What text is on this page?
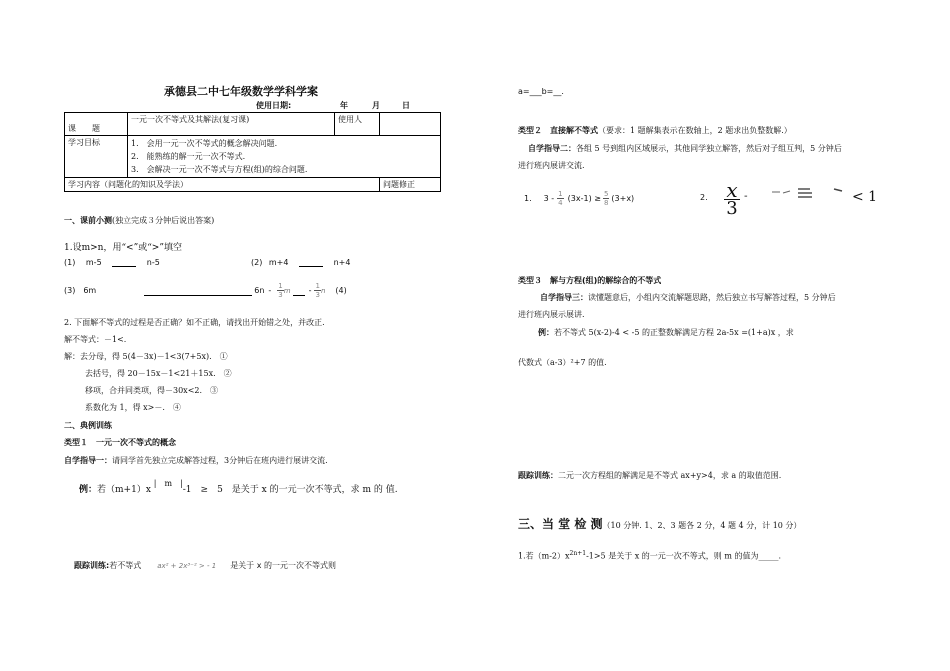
承德县二中七年级数学学科学案
使用日期:	年	月	日
课　　题	一元一次不等式及其解法(复习课)	使用人	
学习目标	1.　会用一元一次不等式的概念解决问题.
2.　能熟练的解一元一次不等式.
3.　会解决一元一次不等式与方程(组)的综合问题.		

学习内容（问题化的知识及学法）			问题修正
一、课前小测(独立完成３分钟后说出答案)
1.设m>n，用“<”或“>”填空
(1) m-5	n-5	(2) m+4	n+4
(3) 6m	$6n - \frac{1}{3}$ m - $\frac{1}{3}$ n (4)
2. 下面解不等式的过程是否正确？如不正确，请找出开始错之处，并改正.
解不等式：－1<.
解：去分母，得 5(4－3x)－1<3(7+5x).　①
去括号，得 20－15x－1<21＋15x.　②
移项，合并同类项，得－30x<2.　③
系数化为 1，得 x>－.　④
二、典例训练
类型１　一元一次不等式的概念
自学指导一：请同学首先独立完成解答过程，3分钟后在班内进行展讲交流.
例：若（m+1）x |　m　|-1　≥　5　是关于 x 的一元一次不等式，求 m 的 值.
跟踪训练: 若不等式 ax² + 2x³⁻² > - 1 是关于 x 的一元一次不等式则
a=___b=__.
类型２　直接解不等式（要求：1 题解集表示在数轴上，2 题求出负整数解.）
自学指导二：各组 5 号到组内区域展示，其他同学独立解答，然后对子组互判，5 分钟后
进行班内展讲交流.
1. $3 - \frac{1}{4} (3x-1) \ge \frac{5}{8} (3+x)$	2. x
3
-	< 1
类型３　解与方程(组)的解综合的不等式
自学指导三：读懂题意后，小组内交流解题思路，然后独立书写解答过程，5 分钟后
进行班内展示展讲.
例：若不等式 5(x-2)-4 < -5 的正整数解满足方程 2a-5x =(1+a)x ，求
代数式（a-3）²+7 的值.
跟踪训练：二元一次方程组的解满足是不等式 ax+y>4，求 a 的取值范围.
三、当 堂 检 测（10 分钟. 1、2、3 题各 2 分，4 题 4 分，计 10 分）
1.若$(m-2)x^{2n+1}-1>5$ 是关于 x 的一元一次不等式，则 m 的值为_____.
